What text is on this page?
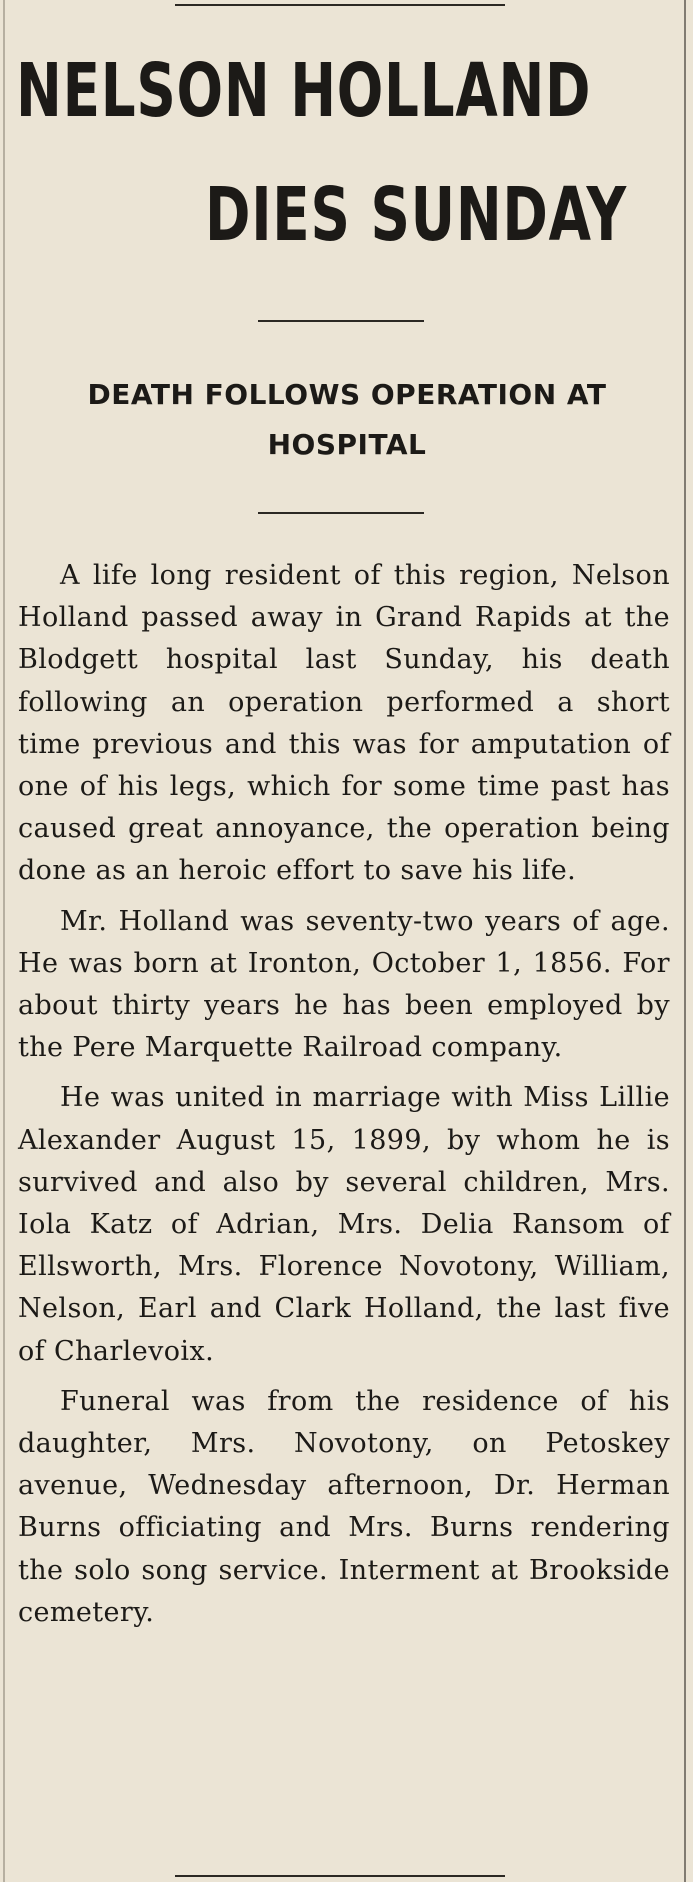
NELSON HOLLAND
DIES SUNDAY
DEATH FOLLOWS OPERATION AT HOSPITAL

A life long resident of this region, Nelson Holland passed away in Grand Rapids at the Blodgett hospital last Sunday, his death following an operation performed a short time previous and this was for amputation of one of his legs, which for some time past has caused great annoyance, the operation being done as an heroic effort to save his life.

Mr. Holland was seventy-two years of age. He was born at Ironton, October 1, 1856. For about thirty years he has been employed by the Pere Marquette Railroad company.

He was united in marriage with Miss Lillie Alexander August 15, 1899, by whom he is survived and also by several children, Mrs. Iola Katz of Adrian, Mrs. Delia Ransom of Ellsworth, Mrs. Florence Novotony, William, Nelson, Earl and Clark Holland, the last five of Charlevoix.

Funeral was from the residence of his daughter, Mrs. Novotony, on Petoskey avenue, Wednesday afternoon, Dr. Herman Burns officiating and Mrs. Burns rendering the solo song service. Interment at Brookside cemetery.
